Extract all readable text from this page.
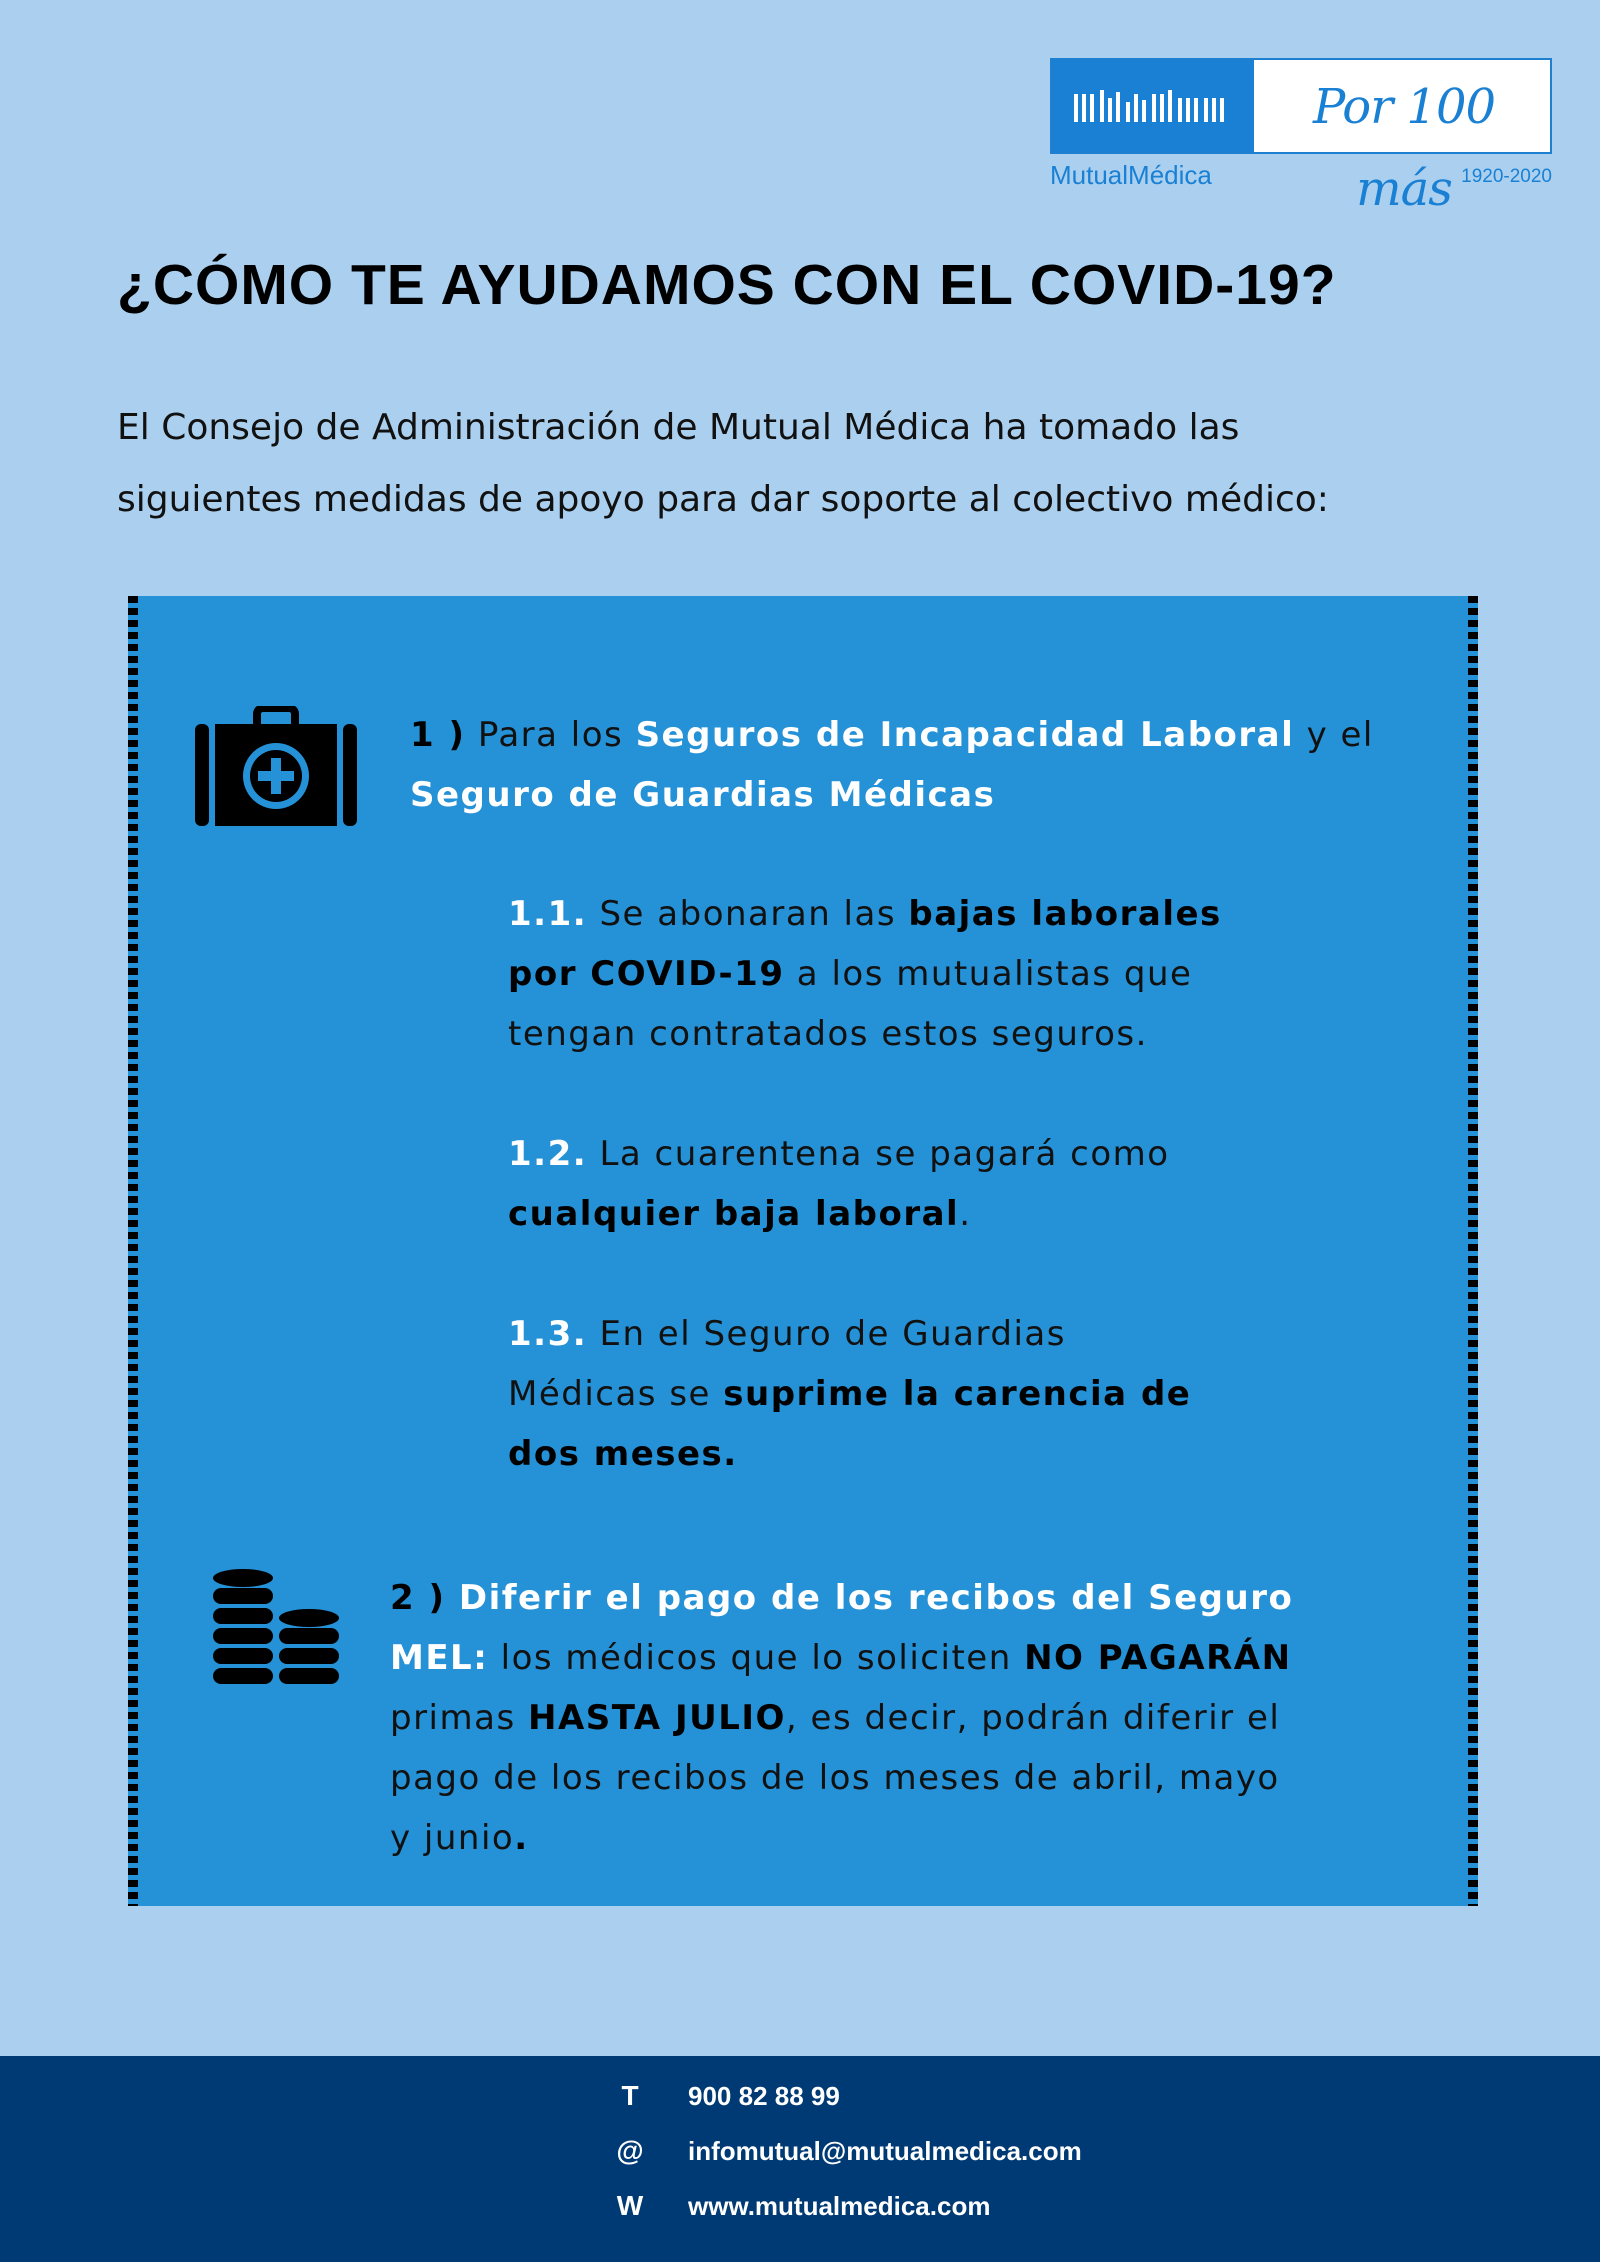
Por 100 más
MutualMédica	1920-2020
¿CÓMO TE AYUDAMOS CON EL COVID-19?

El Consejo de Administración de Mutual Médica ha tomado las
siguientes medidas de apoyo para dar soporte al colectivo médico:

1 ) Para los Seguros de Incapacidad Laboral y el
Seguro de Guardias Médicas

1.1. Se abonaran las bajas laborales
por COVID-19 a los mutualistas que
tengan contratados estos seguros.

1.2. La cuarentena se pagará como
cualquier baja laboral.

1.3. En el Seguro de Guardias
Médicas se suprime la carencia de
dos meses.

2 ) Diferir el pago de los recibos del Seguro
MEL: los médicos que lo soliciten NO PAGARÁN
primas HASTA JULIO, es decir, podrán diferir el
pago de los recibos de los meses de abril, mayo
y junio.

T	900 82 88 99
@ infomutual@mutualmedica.com
W www.mutualmedica.com
